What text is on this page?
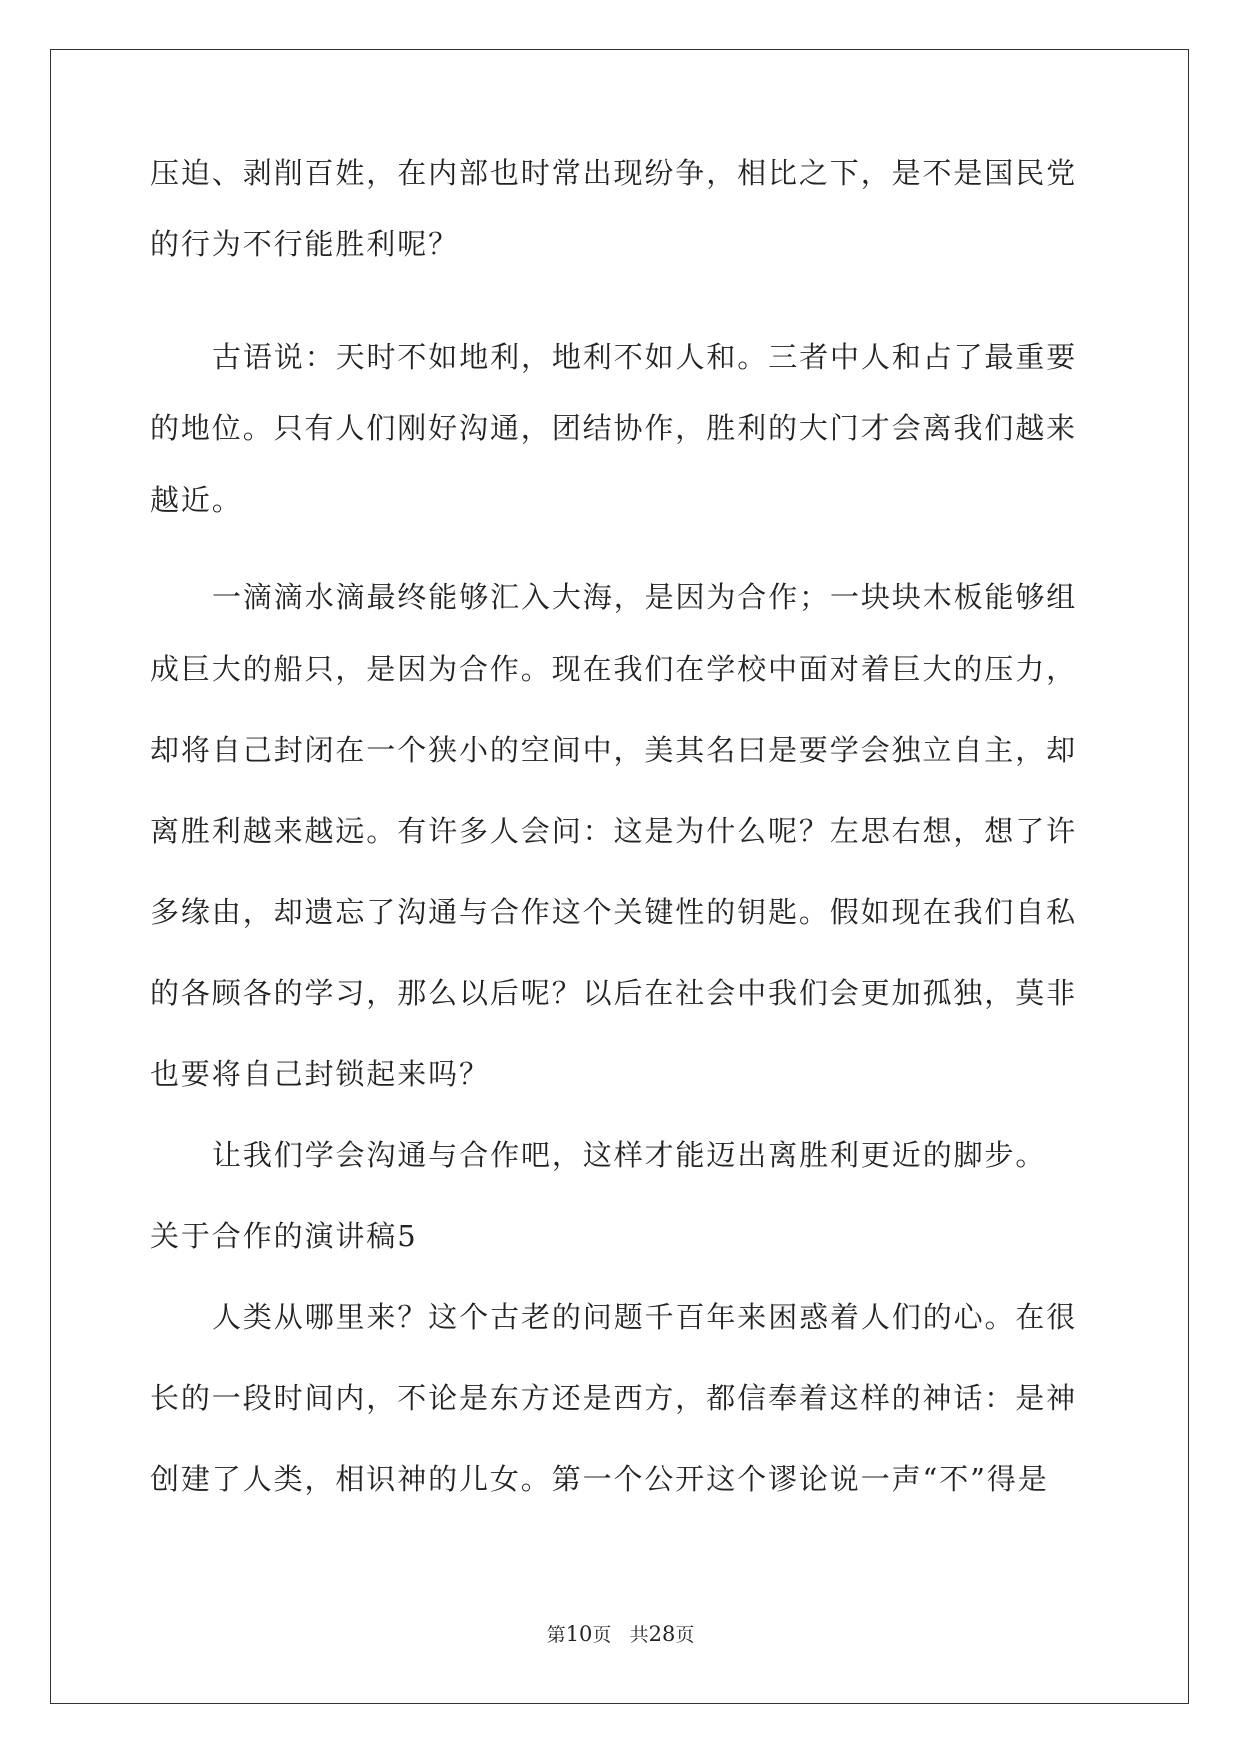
压迫、剥削百姓，在内部也时常出现纷争，相比之下，是不是国民党
的行为不行能胜利呢？
古语说：天时不如地利，地利不如人和。三者中人和占了最重要
的地位。只有人们刚好沟通，团结协作，胜利的大门才会离我们越来
越近。
一滴滴水滴最终能够汇入大海，是因为合作；一块块木板能够组
成巨大的船只，是因为合作。现在我们在学校中面对着巨大的压力，
却将自己封闭在一个狭小的空间中，美其名曰是要学会独立自主，却
离胜利越来越远。有许多人会问：这是为什么呢？左思右想，想了许
多缘由，却遗忘了沟通与合作这个关键性的钥匙。假如现在我们自私
的各顾各的学习，那么以后呢？以后在社会中我们会更加孤独，莫非
也要将自己封锁起来吗？
让我们学会沟通与合作吧，这样才能迈出离胜利更近的脚步。
关于合作的演讲稿5
人类从哪里来？这个古老的问题千百年来困惑着人们的心。在很
长的一段时间内，不论是东方还是西方，都信奉着这样的神话：是神
创建了人类，相识神的儿女。第一个公开这个谬论说一声“不”得是
第10页 共28页
